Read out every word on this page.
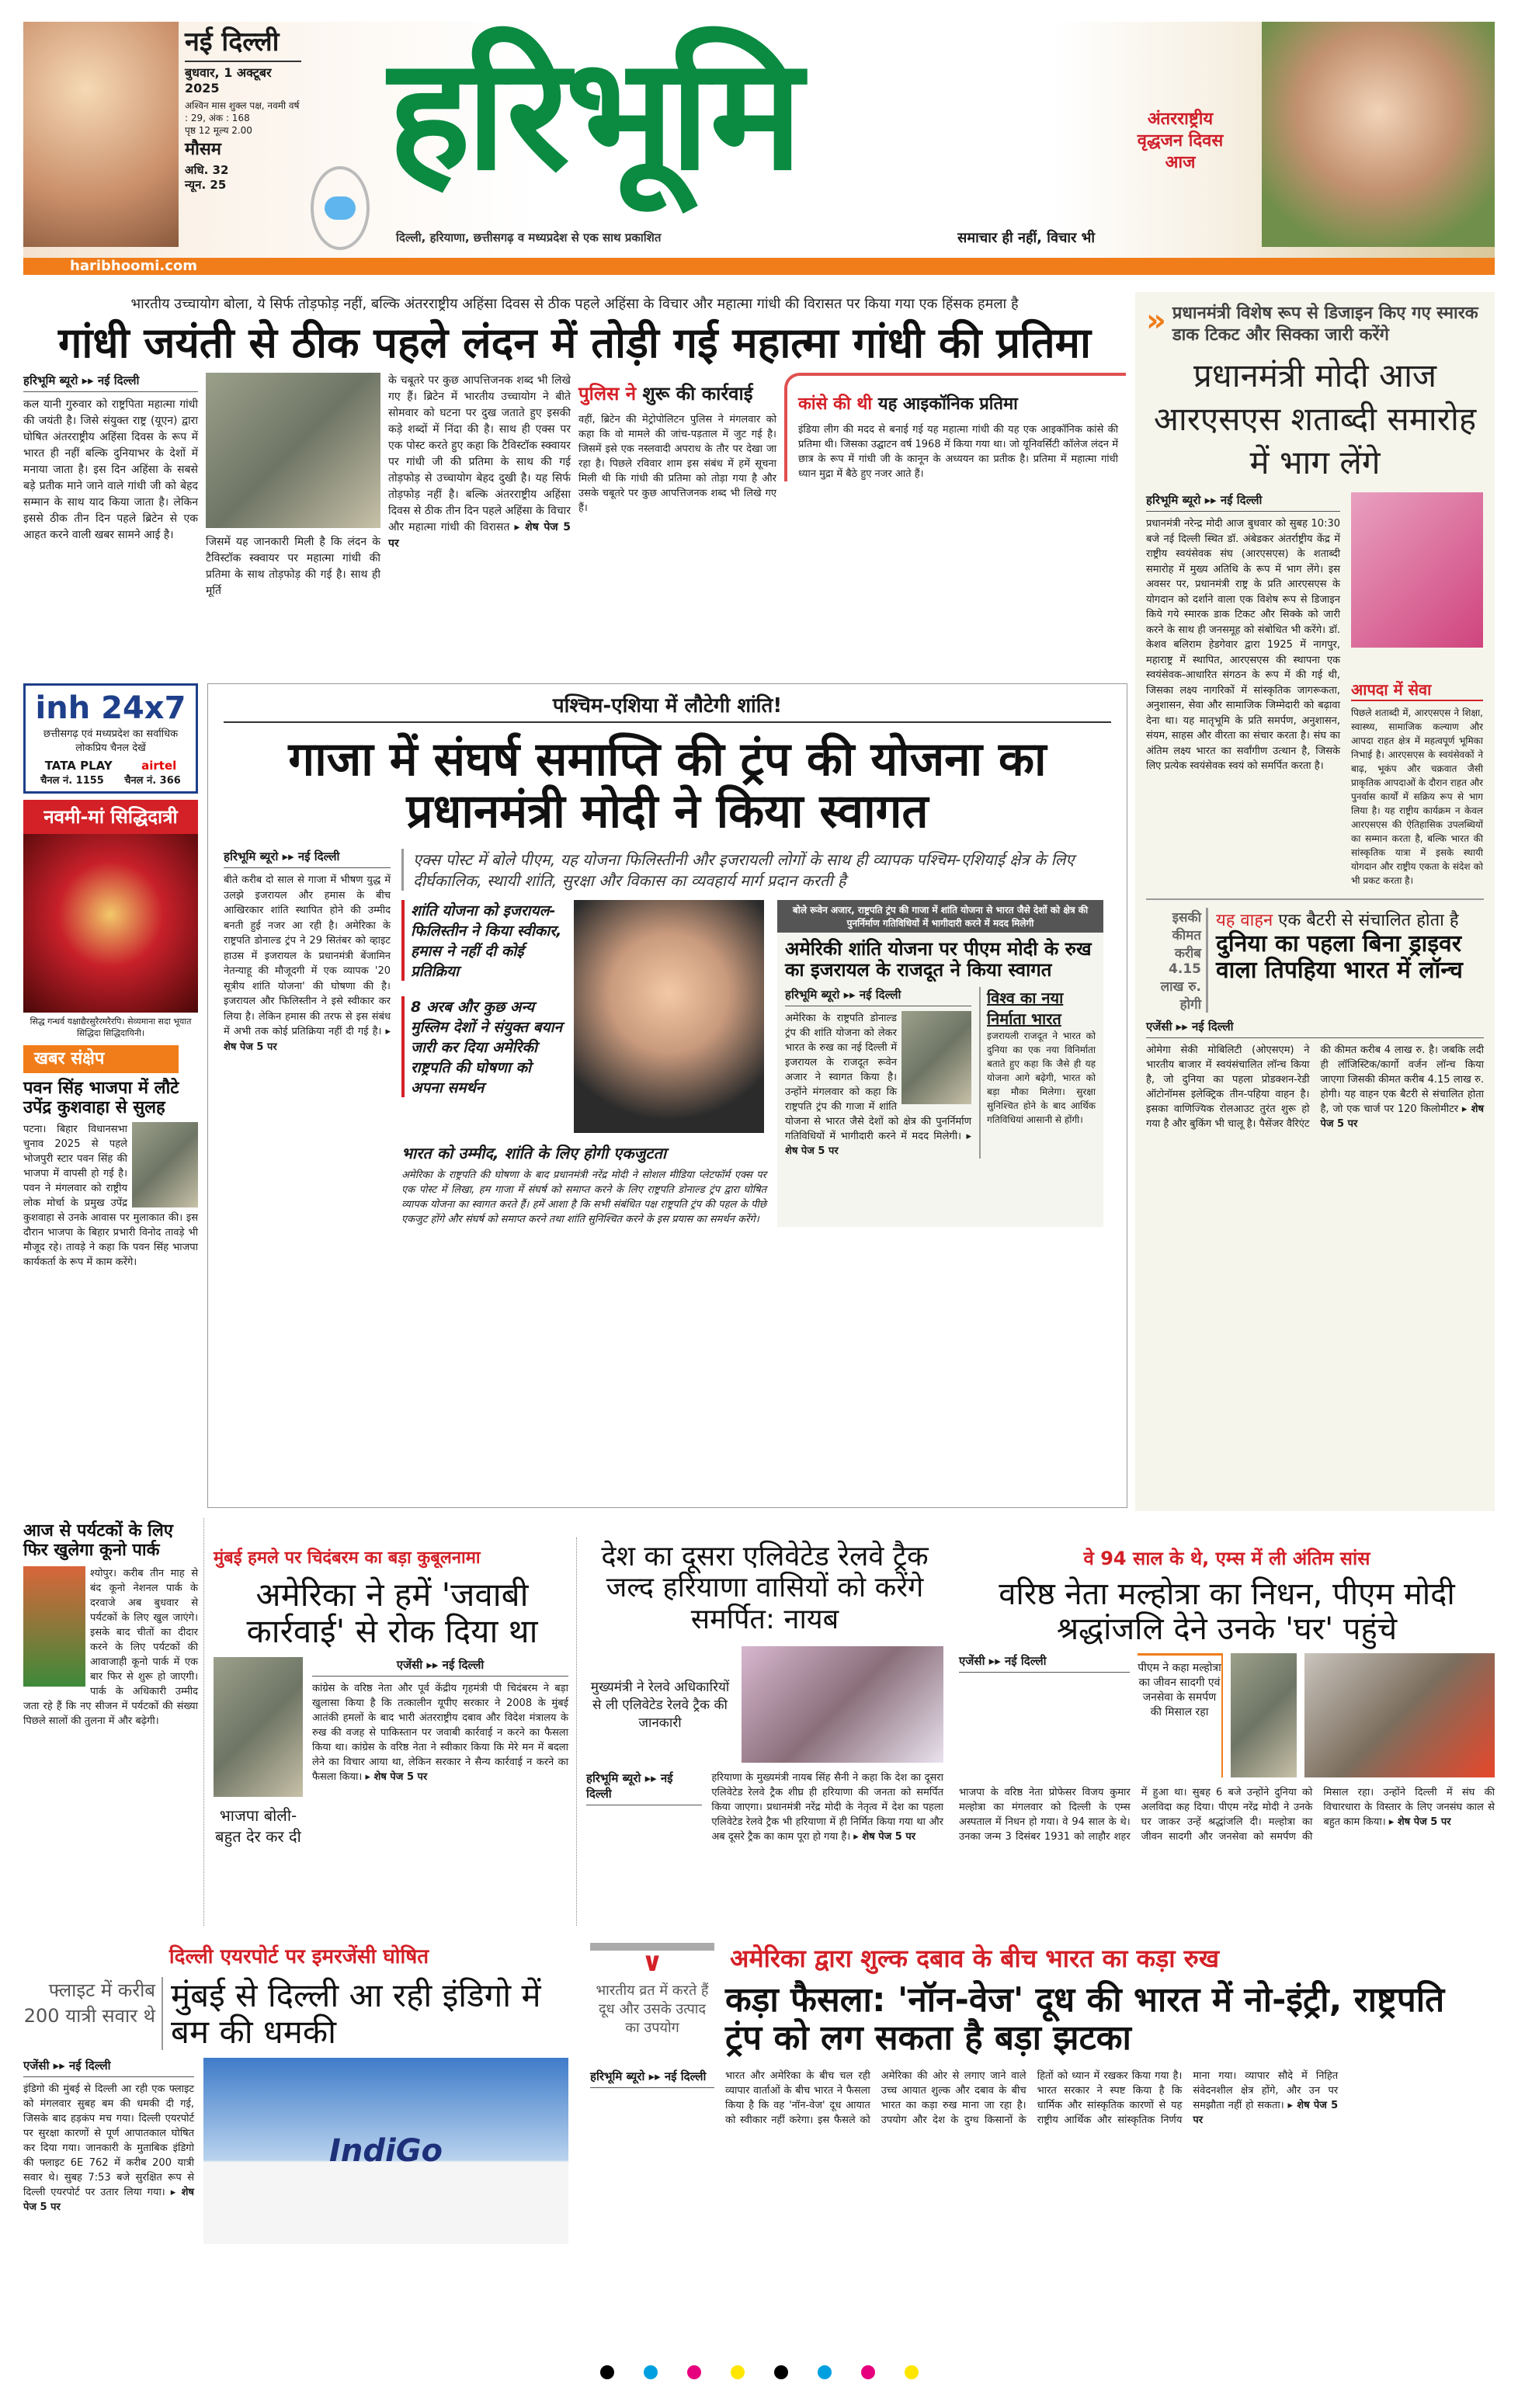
नई दिल्ली
बुधवार, 1 अक्टूबर 2025
अश्विन मास शुक्ल पक्ष, नवमी वर्ष : 29, अंक : 168
पृष्ठ 12 मूल्य 2.00
मौसम
अधि. 32
न्यून. 25	हरिभूमि
दिल्ली, हरियाणा, छत्तीसगढ़ व मध्यप्रदेश से एक साथ प्रकाशित	समाचार ही नहीं, विचार भी
अंतरराष्ट्रीय
वृद्धजन दिवस
आज
haribhoomi.com
भारतीय उच्चायोग बोला, ये सिर्फ तोड़फोड़ नहीं, बल्कि अंतरराष्ट्रीय अहिंसा दिवस से ठीक पहले अहिंसा के विचार और महात्मा गांधी की विरासत पर किया गया एक हिंसक हमला है
गांधी जयंती से ठीक पहले लंदन में तोड़ी गई महात्मा गांधी की प्रतिमा
हरिभूमि ब्यूरो ▸▸ नई दिल्ली
कल यानी गुरुवार को राष्ट्रपिता महात्मा गांधी की जयंती है। जिसे संयुक्त राष्ट्र (यूएन) द्वारा घोषित अंतरराष्ट्रीय अहिंसा दिवस के रूप में भारत ही नहीं बल्कि दुनियाभर के देशों में मनाया जाता है। इस दिन अहिंसा के सबसे बड़े प्रतीक माने जाने वाले गांधी जी को बेहद सम्मान के साथ याद किया जाता है। लेकिन इससे ठीक तीन दिन पहले ब्रिटेन से एक आहत करने वाली खबर सामने आई है।
जिसमें यह जानकारी मिली है कि लंदन के टैविस्टॉक स्क्वायर पर महात्मा गांधी की प्रतिमा के साथ तोड़फोड़ की गई है। साथ ही मूर्ति
के चबूतरे पर कुछ आपत्तिजनक शब्द भी लिखे गए हैं। ब्रिटेन में भारतीय उच्चायोग ने बीते सोमवार को घटना पर दुख जताते हुए इसकी कड़े शब्दों में निंदा की है। साथ ही एक्स पर एक पोस्ट करते हुए कहा कि टैविस्टॉक स्क्वायर पर गांधी जी की प्रतिमा के साथ की गई तोड़फोड़ से उच्चायोग बेहद दुखी है। यह सिर्फ तोड़फोड़ नहीं है। बल्कि अंतरराष्ट्रीय अहिंसा दिवस से ठीक तीन दिन पहले अहिंसा के विचार और महात्मा गांधी की विरासत ▸ शेष पेज 5 पर
पुलिस ने शुरू की कार्रवाई
वहीं, ब्रिटेन की मेट्रोपोलिटन पुलिस ने मंगलवार को कहा कि वो मामले की जांच-पड़ताल में जुट गई है। जिसमें इसे एक नस्लवादी अपराध के तौर पर देखा जा रहा है। पिछले रविवार शाम इस संबंध में हमें सूचना मिली थी कि गांधी की प्रतिमा को तोड़ा गया है और उसके चबूतरे पर कुछ आपत्तिजनक शब्द भी लिखे गए हैं।
कांसे की थी यह आइकॉनिक प्रतिमा
इंडिया लीग की मदद से बनाई गई यह महात्मा गांधी की यह एक आइकॉनिक कांसे की प्रतिमा थी। जिसका उद्घाटन वर्ष 1968 में किया गया था। जो यूनिवर्सिटी कॉलेज लंदन में छात्र के रूप में गांधी जी के कानून के अध्ययन का प्रतीक है। प्रतिमा में महात्मा गांधी ध्यान मुद्रा में बैठे हुए नजर आते हैं।
» प्रधानमंत्री विशेष रूप से डिजाइन किए गए स्मारक डाक टिकट और सिक्का जारी करेंगे
प्रधानमंत्री मोदी आज आरएसएस शताब्दी समारोह में भाग लेंगे
हरिभूमि ब्यूरो ▸▸ नई दिल्ली
प्रधानमंत्री नरेन्द्र मोदी आज बुधवार को सुबह 10:30 बजे नई दिल्ली स्थित डॉ. अंबेडकर अंतर्राष्ट्रीय केंद्र में राष्ट्रीय स्वयंसेवक संघ (आरएसएस) के शताब्दी समारोह में मुख्य अतिथि के रूप में भाग लेंगे। इस अवसर पर, प्रधानमंत्री राष्ट्र के प्रति आरएसएस के योगदान को दर्शाने वाला एक विशेष रूप से डिजाइन किये गये स्मारक डाक टिकट और सिक्के को जारी करने के साथ ही जनसमूह को संबोधित भी करेंगे। डॉ. केशव बलिराम हेडगेवार द्वारा 1925 में नागपुर, महाराष्ट्र में स्थापित, आरएसएस की स्थापना एक स्वयंसेवक-आधारित संगठन के रूप में की गई थी, जिसका लक्ष्य नागरिकों में सांस्कृतिक जागरूकता, अनुशासन, सेवा और सामाजिक जिम्मेदारी को बढ़ावा देना था। यह मातृभूमि के प्रति समर्पण, अनुशासन, संयम, साहस और वीरता का संचार करता है। संघ का अंतिम लक्ष्य भारत का सर्वांगीण उत्थान है, जिसके लिए प्रत्येक स्वयंसेवक स्वयं को समर्पित करता है।
आपदा में सेवा
पिछले शताब्दी में, आरएसएस ने शिक्षा, स्वास्थ्य, सामाजिक कल्याण और आपदा राहत क्षेत्र में महत्वपूर्ण भूमिका निभाई है। आरएसएस के स्वयंसेवकों ने बाढ़, भूकंप और चक्रवात जैसी प्राकृतिक आपदाओं के दौरान राहत और पुनर्वास कार्यों में सक्रिय रूप से भाग लिया है। यह राष्ट्रीय कार्यक्रम न केवल आरएसएस की ऐतिहासिक उपलब्धियों का सम्मान करता है, बल्कि भारत की सांस्कृतिक यात्रा में इसके स्थायी योगदान और राष्ट्रीय एकता के संदेश को भी प्रकट करता है।
इसकी कीमत करीब 4.15 लाख रु. होगी
यह वाहन एक बैटरी से संचालित होता है
दुनिया का पहला बिना ड्राइवर वाला तिपहिया भारत में लॉन्च
एजेंसी ▸▸ नई दिल्ली
ओमेगा सेकी मोबिलिटी (ओएसएम) ने भारतीय बाजार में स्वयंसंचालित लॉन्च किया है, जो दुनिया का पहला प्रोडक्शन-रेडी ऑटोनॉमस इलेक्ट्रिक तीन-पहिया वाहन है। इसका वाणिज्यिक रोलआउट तुरंत शुरू हो गया है और बुकिंग भी चालू है। पैसेंजर वैरिएंट की कीमत करीब 4 लाख रु. है। जबकि लदी ही लॉजिस्टिक/कार्गो वर्जन लॉन्च किया जाएगा जिसकी कीमत करीब 4.15 लाख रु. होगी। यह वाहन एक बैटरी से संचालित होता है, जो एक चार्ज पर 120 किलोमीटर ▸ शेष पेज 5 पर
inh 24x7
छत्तीसगढ़ एवं मध्यप्रदेश का सर्वाधिक लोकप्रिय चैनल देखें
TATA PLAY airtel
चैनल नं. 1155 चैनल नं. 366
नवमी-मां सिद्धिदात्री
सिद्ध गन्धर्व यक्षाद्यैरसुरैरमरैरपि। सेव्यमाना सदा भूयात सिद्धिदा सिद्धिदायिनी।
खबर संक्षेप
पवन सिंह भाजपा में लौटे उपेंद्र कुशवाहा से सुलह
पटना। बिहार विधानसभा चुनाव 2025 से पहले भोजपुरी स्टार पवन सिंह की भाजपा में वापसी हो गई है। पवन ने मंगलवार को राष्ट्रीय लोक मोर्चा के प्रमुख उपेंद्र कुशवाहा से उनके आवास पर मुलाकात की। इस दौरान भाजपा के बिहार प्रभारी विनोद तावड़े भी मौजूद रहे। तावड़े ने कहा कि पवन सिंह भाजपा कार्यकर्ता के रूप में काम करेंगे।
पश्चिम-एशिया में लौटेगी शांति!
गाजा में संघर्ष समाप्ति की ट्रंप की योजना का प्रधानमंत्री मोदी ने किया स्वागत
हरिभूमि ब्यूरो ▸▸ नई दिल्ली
बीते करीब दो साल से गाजा में भीषण युद्ध में उलझे इजरायल और हमास के बीच आखिरकार शांति स्थापित होने की उम्मीद बनती हुई नजर आ रही है। अमेरिका के राष्ट्रपति डोनाल्ड ट्रंप ने 29 सितंबर को व्हाइट हाउस में इजरायल के प्रधानमंत्री बेंजामिन नेतन्याहू की मौजूदगी में एक व्यापक '20 सूत्रीय शांति योजना' की घोषणा की है। इजरायल और फिलिस्तीन ने इसे स्वीकार कर लिया है। लेकिन हमास की तरफ से इस संबंध में अभी तक कोई प्रतिक्रिया नहीं दी गई है। ▸ शेष पेज 5 पर
एक्स पोस्ट में बोले पीएम, यह योजना फिलिस्तीनी और इजरायली लोगों के साथ ही व्यापक पश्चिम-एशियाई क्षेत्र के लिए दीर्घकालिक, स्थायी शांति, सुरक्षा और विकास का व्यवहार्य मार्ग प्रदान करती है
शांति योजना को इजरायल-फिलिस्तीन ने किया स्वीकार, हमास ने नहीं दी कोई प्रतिक्रिया
8 अरब और कुछ अन्य मुस्लिम देशों ने संयुक्त बयान जारी कर दिया अमेरिकी राष्ट्रपति की घोषणा को अपना समर्थन
भारत को उम्मीद, शांति के लिए होगी एकजुटता
अमेरिका के राष्ट्रपति की घोषणा के बाद प्रधानमंत्री नरेंद्र मोदी ने सोशल मीडिया प्लेटफॉर्म एक्स पर एक पोस्ट में लिखा, हम गाजा में संघर्ष को समाप्त करने के लिए राष्ट्रपति डोनाल्ड ट्रंप द्वारा घोषित व्यापक योजना का स्वागत करते हैं। हमें आशा है कि सभी संबंधित पक्ष राष्ट्रपति ट्रंप की पहल के पीछे एकजुट होंगे और संघर्ष को समाप्त करने तथा शांति सुनिश्चित करने के इस प्रयास का समर्थन करेंगे।
बोले रूवेन अजार, राष्ट्रपति ट्रंप की गाजा में शांति योजना से भारत जैसे देशों को क्षेत्र की पुनर्निर्माण गतिविधियों में भागीदारी करने में मदद मिलेगी
अमेरिकी शांति योजना पर पीएम मोदी के रुख का इजरायल के राजदूत ने किया स्वागत
हरिभूमि ब्यूरो ▸▸ नई दिल्ली
अमेरिका के राष्ट्रपति डोनाल्ड ट्रंप की शांति योजना को लेकर भारत के रुख का नई दिल्ली में इजरायल के राजदूत रूवेन अजार ने स्वागत किया है। उन्होंने मंगलवार को कहा कि राष्ट्रपति ट्रंप की गाजा में शांति योजना से भारत जैसे देशों को क्षेत्र की पुनर्निर्माण गतिविधियों में भागीदारी करने में मदद मिलेगी। ▸ शेष पेज 5 पर
विश्व का नया निर्माता भारत
इजरायली राजदूत ने भारत को दुनिया का एक नया विनिर्माता बताते हुए कहा कि जैसे ही यह योजना आगे बढ़ेगी, भारत को बड़ा मौका मिलेगा। सुरक्षा सुनिश्चित होने के बाद आर्थिक गतिविधियां आसानी से होंगी।
आज से पर्यटकों के लिए फिर खुलेगा कूनो पार्क
श्योपुर। करीब तीन माह से बंद कूनो नेशनल पार्क के दरवाजे अब बुधवार से पर्यटकों के लिए खुल जाएंगे। इसके बाद चीतों का दीदार करने के लिए पर्यटकों की आवाजाही कूनो पार्क में एक बार फिर से शुरू हो जाएगी। पार्क के अधिकारी उम्मीद जता रहे हैं कि नए सीजन में पर्यटकों की संख्या पिछले सालों की तुलना में और बढ़ेगी।
मुंबई हमले पर चिदंबरम का बड़ा कुबूलनामा
अमेरिका ने हमें 'जवाबी कार्रवाई' से रोक दिया था
भाजपा बोली-बहुत देर कर दी
एजेंसी ▸▸ नई दिल्ली
कांग्रेस के वरिष्ठ नेता और पूर्व केंद्रीय गृहमंत्री पी चिदंबरम ने बड़ा खुलासा किया है कि तत्कालीन यूपीए सरकार ने 2008 के मुंबई आतंकी हमलों के बाद भारी अंतरराष्ट्रीय दबाव और विदेश मंत्रालय के रुख की वजह से पाकिस्तान पर जवाबी कार्रवाई न करने का फैसला किया था। कांग्रेस के वरिष्ठ नेता ने स्वीकार किया कि मेरे मन में बदला लेने का विचार आया था, लेकिन सरकार ने सैन्य कार्रवाई न करने का फैसला किया। ▸ शेष पेज 5 पर
देश का दूसरा एलिवेटेड रेलवे ट्रैक जल्द हरियाणा वासियों को करेंगे समर्पित: नायब
मुख्यमंत्री ने रेलवे अधिकारियों से ली एलिवेटेड रेलवे ट्रैक की जानकारी
हरिभूमि ब्यूरो ▸▸ नई दिल्ली
हरियाणा के मुख्यमंत्री नायब सिंह सैनी ने कहा कि देश का दूसरा एलिवेटेड रेलवे ट्रैक शीघ्र ही हरियाणा की जनता को समर्पित किया जाएगा। प्रधानमंत्री नरेंद्र मोदी के नेतृत्व में देश का पहला एलिवेटेड रेलवे ट्रैक भी हरियाणा में ही निर्मित किया गया था और अब दूसरे ट्रैक का काम पूरा हो गया है। ▸ शेष पेज 5 पर
वे 94 साल के थे, एम्स में ली अंतिम सांस
वरिष्ठ नेता मल्होत्रा का निधन, पीएम मोदी श्रद्धांजलि देने उनके 'घर' पहुंचे
एजेंसी ▸▸ नई दिल्ली	पीएम ने कहा मल्होत्रा का जीवन सादगी एवं जनसेवा के समर्पण की मिसाल रहा
भाजपा के वरिष्ठ नेता प्रोफेसर विजय कुमार मल्होत्रा का मंगलवार को दिल्ली के एम्स अस्पताल में निधन हो गया। वे 94 साल के थे। उनका जन्म 3 दिसंबर 1931 को लाहौर शहर में हुआ था। सुबह 6 बजे उन्होंने दुनिया को अलविदा कह दिया। पीएम नरेंद्र मोदी ने उनके घर जाकर उन्हें श्रद्धांजलि दी। मल्होत्रा का जीवन सादगी और जनसेवा को समर्पण की मिसाल रहा। उन्होंने दिल्ली में संघ की विचारधारा के विस्तार के लिए जनसंघ काल से बहुत काम किया। ▸ शेष पेज 5 पर
दिल्ली एयरपोर्ट पर इमरजेंसी घोषित
फ्लाइट में करीब 200 यात्री सवार थे
मुंबई से दिल्ली आ रही इंडिगो में बम की धमकी
एजेंसी ▸▸ नई दिल्ली
इंडिगो की मुंबई से दिल्ली आ रही एक फ्लाइट को मंगलवार सुबह बम की धमकी दी गई, जिसके बाद हड़कंप मच गया। दिल्ली एयरपोर्ट पर सुरक्षा कारणों से पूर्ण आपातकाल घोषित कर दिया गया। जानकारी के मुताबिक इंडिगो की फ्लाइट 6E 762 में करीब 200 यात्री सवार थे। सुबह 7:53 बजे सुरक्षित रूप से दिल्ली एयरपोर्ट पर उतार लिया गया। ▸ शेष पेज 5 पर
IndiGo
∨	अमेरिका द्वारा शुल्क दबाव के बीच भारत का कड़ा रुख
भारतीय व्रत में करते हैं दूध और उसके उत्पाद का उपयोग
कड़ा फैसला: 'नॉन-वेज' दूध की भारत में नो-इंट्री, राष्ट्रपति ट्रंप को लग सकता है बड़ा झटका
हरिभूमि ब्यूरो ▸▸ नई दिल्ली	भारत और अमेरिका के बीच चल रही व्यापार वार्ताओं के बीच भारत ने फैसला किया है कि वह 'नॉन-वेज' दूध आयात को स्वीकार नहीं करेगा। इस फैसले को अमेरिका की ओर से लगाए जाने वाले उच्च आयात शुल्क और दबाव के बीच भारत का कड़ा रुख माना जा रहा है। उपयोग और देश के दुग्ध किसानों के हितों को ध्यान में रखकर किया गया है। भारत सरकार ने स्पष्ट किया है कि धार्मिक और सांस्कृतिक कारणों से यह राष्ट्रीय आर्थिक और सांस्कृतिक निर्णय माना गया। व्यापार सौदे में निहित संवेदनशील क्षेत्र होंगे, और उन पर समझौता नहीं हो सकता। ▸ शेष पेज 5 पर
